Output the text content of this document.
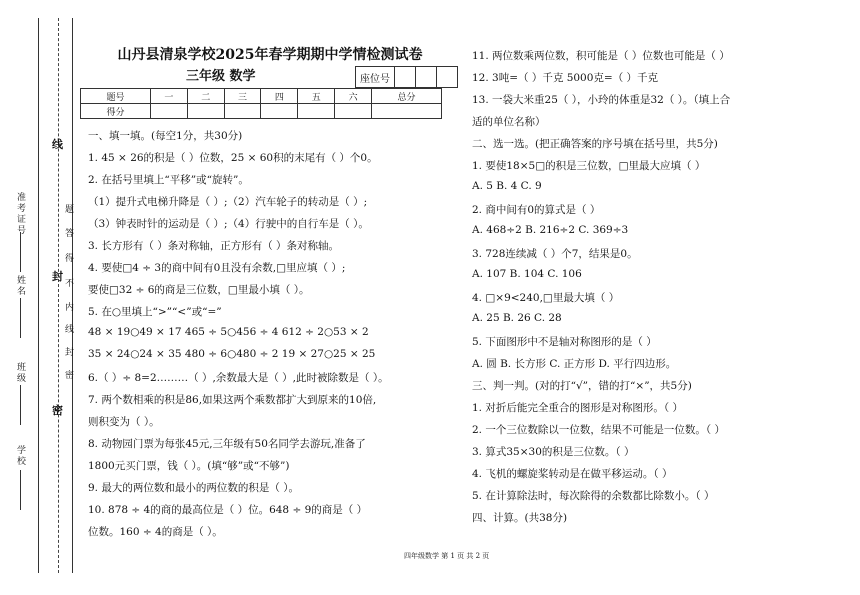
准考证号
姓名
班级
学校
题
答
得
不
内
线
封
密
线
封
密
山丹县清泉学校2025年春学期期中学情检测试卷
三年级 数学	座位号
题号	一	二	三	四	五	六	总分
得分							
一、填一填。(每空1分，共30分)
1. 45 × 26的积是（ ）位数，25 × 60积的末尾有（ ）个0。
2. 在括号里填上“平移”或“旋转”。
（1）提升式电梯升降是（ ）;（2）汽车轮子的转动是（ ）;
（3）钟表时针的运动是（ ）;（4）行驶中的自行车是（ ）。
3. 长方形有（ ）条对称轴，正方形有（ ）条对称轴。
4. 要使□4 ÷ 3的商中间有0且没有余数,□里应填（ ）;
要使□32 ÷ 6的商是三位数，□里最小填（ ）。
5. 在○里填上“>”“<”或“=”
48 × 19○49 × 17 465 ÷ 5○456 ÷ 4 612 ÷ 2○53 × 2
35 × 24○24 × 35 480 ÷ 6○480 ÷ 2 19 × 27○25 × 25
6.（ ）÷ 8=2………（ ）,余数最大是（ ）,此时被除数是（ ）。
7. 两个数相乘的积是86,如果这两个乘数都扩大到原来的10倍,
则积变为（ ）。
8. 动物园门票为每张45元,三年级有50名同学去游玩,准备了
1800元买门票，钱（ ）。(填“够”或“不够”)
9. 最大的两位数和最小的两位数的积是（ ）。
10. 878 ÷ 4的商的最高位是（ ）位。648 ÷ 9的商是（ ）
位数。160 ÷ 4的商是（ ）。
11. 两位数乘两位数，积可能是（ ）位数也可能是（ ）
12. 3吨=（ ）千克 5000克=（ ）千克
13. 一袋大米重25（ ），小玲的体重是32（ ）。（填上合
适的单位名称）
二、选一选。(把正确答案的序号填在括号里，共5分)
1. 要使18×5□的积是三位数，□里最大应填（ ）
A. 5 B. 4 C. 9
2. 商中间有0的算式是（ ）
A. 468÷2 B. 216÷2 C. 369÷3
3. 728连续减（ ）个7，结果是0。
A. 107 B. 104 C. 106
4. □×9<240,□里最大填（ ）
A. 25 B. 26 C. 28
5. 下面图形中不是轴对称图形的是（ ）
A. 圆 B. 长方形 C. 正方形 D. 平行四边形。
三、判一判。(对的打“√”，错的打“×”，共5分)
1. 对折后能完全重合的图形是对称图形。（ ）
2. 一个三位数除以一位数，结果不可能是一位数。（ ）
3. 算式35×30的积是三位数。（ ）
4. 飞机的螺旋桨转动是在做平移运动。（ ）
5. 在计算除法时，每次除得的余数都比除数小。（ ）
四、计算。(共38分)
四年级数学 第 1 页 共 2 页
